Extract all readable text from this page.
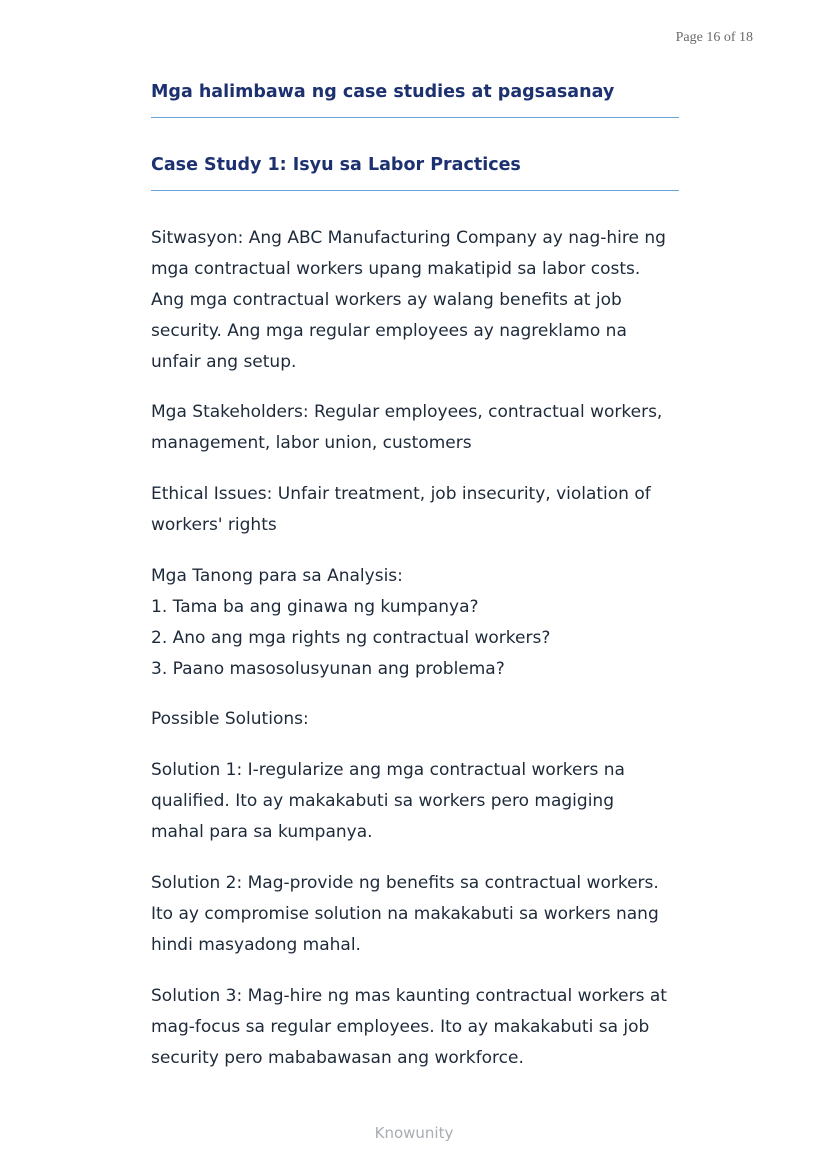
Page 16 of 18
Mga halimbawa ng case studies at pagsasanay
Case Study 1: Isyu sa Labor Practices

Sitwasyon: Ang ABC Manufacturing Company ay nag-hire ng
mga contractual workers upang makatipid sa labor costs.
Ang mga contractual workers ay walang benefits at job
security. Ang mga regular employees ay nagreklamo na
unfair ang setup.

Mga Stakeholders: Regular employees, contractual workers,
management, labor union, customers

Ethical Issues: Unfair treatment, job insecurity, violation of
workers' rights

Mga Tanong para sa Analysis:
1. Tama ba ang ginawa ng kumpanya?
2. Ano ang mga rights ng contractual workers?
3. Paano masosolusyunan ang problema?

Possible Solutions:

Solution 1: I-regularize ang mga contractual workers na
qualified. Ito ay makakabuti sa workers pero magiging
mahal para sa kumpanya.

Solution 2: Mag-provide ng benefits sa contractual workers.
Ito ay compromise solution na makakabuti sa workers nang
hindi masyadong mahal.

Solution 3: Mag-hire ng mas kaunting contractual workers at
mag-focus sa regular employees. Ito ay makakabuti sa job
security pero mababawasan ang workforce.

Knowunity
